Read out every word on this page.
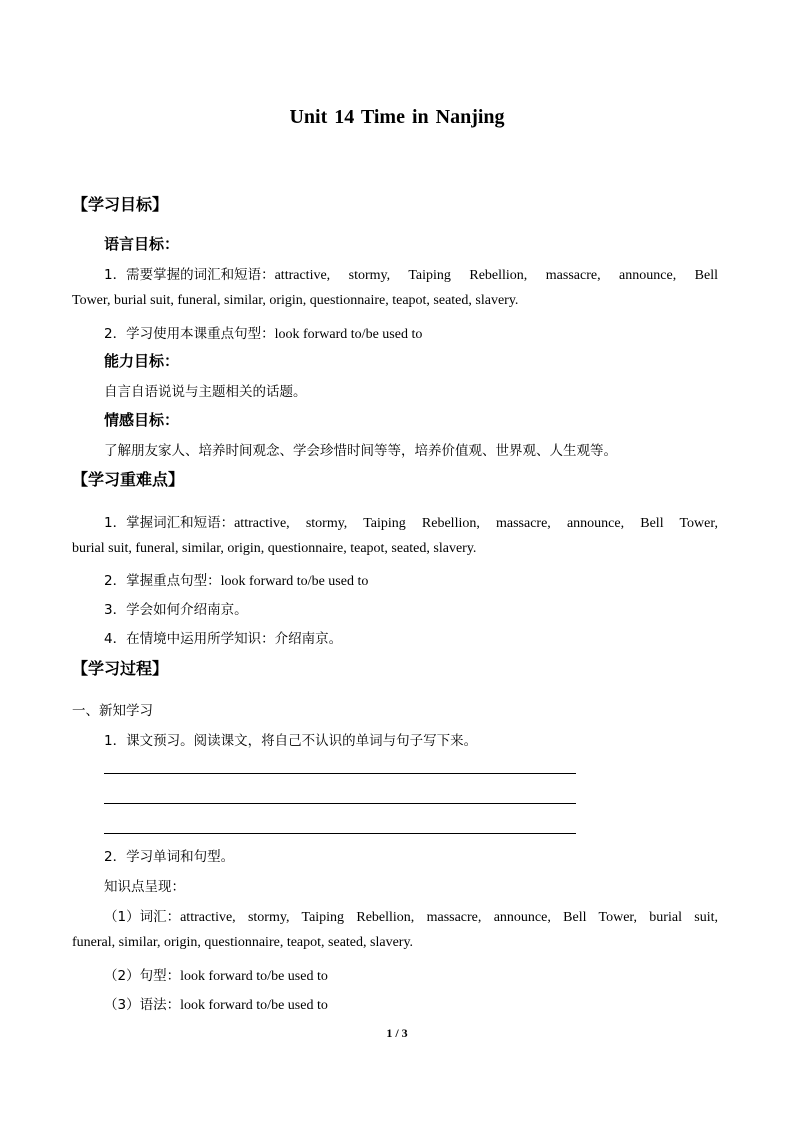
Unit 14 Time in Nanjing
【学习目标】
语言目标：
1．需要掌握的词汇和短语： attractive, stormy, Taiping Rebellion, massacre, announce, Bell
Tower, burial suit, funeral, similar, origin, questionnaire, teapot, seated, slavery.
2．学习使用本课重点句型： look forward to/be used to
能力目标：
自言自语说说与主题相关的话题。
情感目标：
了解朋友家人、培养时间观念、学会珍惜时间等等，培养价值观、世界观、人生观等。
【学习重难点】
1．掌握词汇和短语： attractive, stormy, Taiping Rebellion, massacre, announce, Bell Tower,
burial suit, funeral, similar, origin, questionnaire, teapot, seated, slavery.
2．掌握重点句型： look forward to/be used to
3．学会如何介绍南京。
4．在情境中运用所学知识：介绍南京。
【学习过程】
一、新知学习
1．课文预习。阅读课文，将自己不认识的单词与句子写下来。
2．学习单词和句型。
知识点呈现：
（1）词汇： attractive, stormy, Taiping Rebellion, massacre, announce, Bell Tower, burial suit,
funeral, similar, origin, questionnaire, teapot, seated, slavery.
（2）句型： look forward to/be used to
（3）语法： look forward to/be used to
1 / 3
